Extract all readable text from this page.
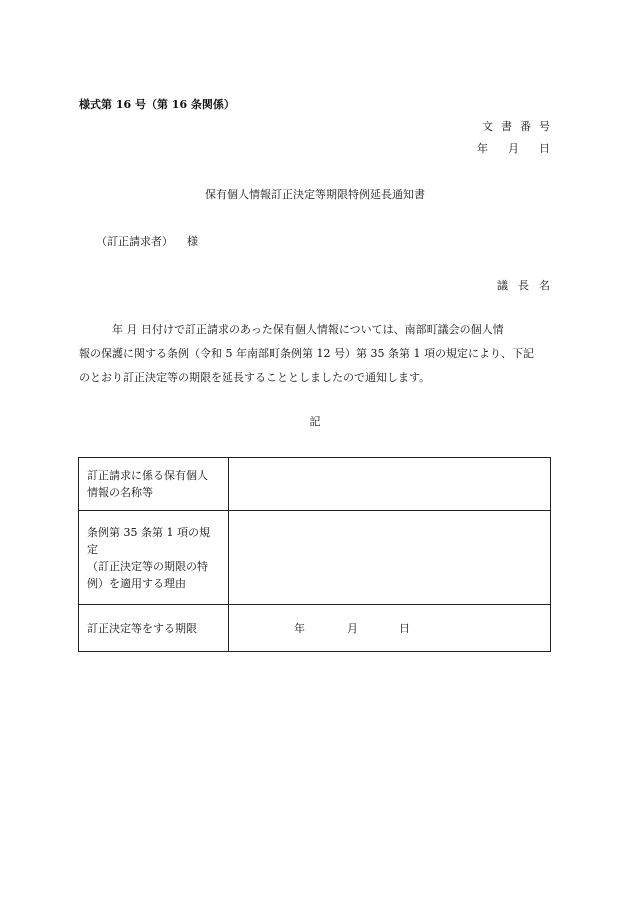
様式第 16 号（第 16 条関係）
文書番号
年 月 日
保有個人情報訂正決定等期限特例延長通知書
（訂正請求者） 様
議長名
　　　年 月 日付けで訂正請求のあった保有個人情報については、南部町議会の個人情
報の保護に関する条例（令和 5 年南部町条例第 12 号）第 35 条第 1 項の規定により、下記
のとおり訂正決定等の期限を延長することとしましたので通知します。
記
訂正請求に係る保有個人
情報の名称等	

条例第 35 条第 1 項の規定
（訂正決定等の期限の特
例）を適用する理由	

訂正決定等をする期限	年 月 日
